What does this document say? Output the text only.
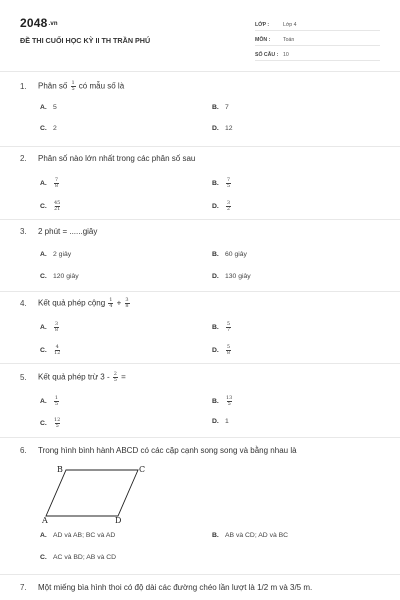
2048.vn
ĐỀ THI CUỐI HỌC KỲ II TH TRẦN PHÚ
LỚP :	Lớp 4
MÔN :	Toán
SỐ CÂU : 10
1.	Phân số $\frac{1}{5}$ có mẫu số là
A. 5	B. 7
C. 2	D. 12
2.	Phân số nào lớn nhất trong các phân số sau
A.	$\frac{7}{8}$	B.	$\frac{7}{5}$
C.	$\frac{45}{21}$	D.	$\frac{3}{2}$
3.	2 phút = ......giây
A. 2 giây	B. 60 giây
C. 120 giây	D. 130 giây
4.	Kết quả phép cộng $\frac{1}{4} + \frac{3}{8}$
A.	$\frac{3}{8}$	B.	$\frac{5}{7}$
C.	$\frac{4}{12}$	D.	$\frac{5}{8}$
5.	Kết quả phép trừ $3 - \frac{2}{5}$ =
A.	$\frac{1}{5}$	B.	$\frac{13}{5}$
C.	$\frac{12}{5}$	D. 1
6.	Trong hình bình hành ABCD có các cặp cạnh song song và bằng nhau là
A. AD và AB; BC và AD	B. AB và CD; AD và BC
C. AC và BD; AB và CD
7.	Một miếng bìa hình thoi có độ dài các đường chéo lần lượt là 1/2 m và 3/5 m.
B	C
A	D
